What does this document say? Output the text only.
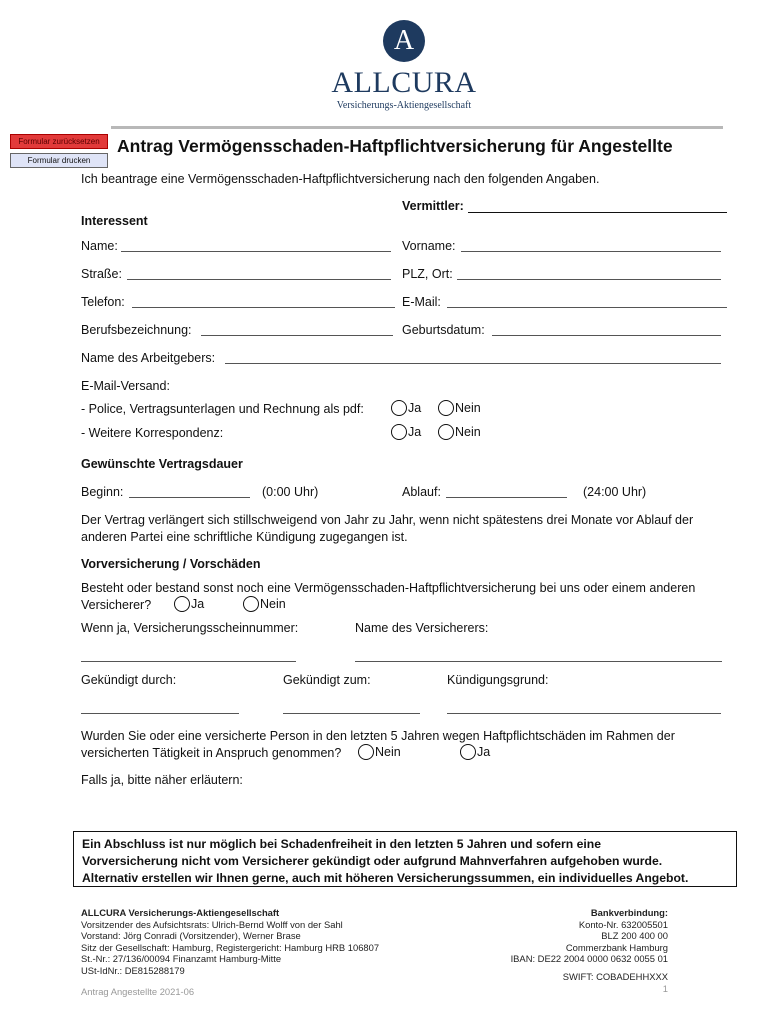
A
ALLCURA
Versicherungs-Aktiengesellschaft
Formular zurücksetzen
Formular drucken
Antrag Vermögensschaden-Haftpflichtversicherung für Angestellte
Ich beantrage eine Vermögensschaden-Haftpflichtversicherung nach den folgenden Angaben.
Vermittler:
Interessent
Name:	Vorname:
Straße:	PLZ, Ort:
Telefon:	E-Mail:
Berufsbezeichnung:	Geburtsdatum:
Name des Arbeitgebers:
E-Mail-Versand:
- Police, Vertragsunterlagen und Rechnung als pdf:	Ja	Nein
- Weitere Korrespondenz:	Ja	Nein
Gewünschte Vertragsdauer
Beginn:	(0:00 Uhr)	Ablauf:	(24:00 Uhr)
Der Vertrag verlängert sich stillschweigend von Jahr zu Jahr, wenn nicht spätestens drei Monate vor Ablauf der
anderen Partei eine schriftliche Kündigung zugegangen ist.
Vorversicherung / Vorschäden
Besteht oder bestand sonst noch eine Vermögensschaden-Haftpflichtversicherung bei uns oder einem anderen
Versicherer?	Ja	Nein
Wenn ja, Versicherungsscheinnummer:	Name des Versicherers:
Gekündigt durch:	Gekündigt zum:	Kündigungsgrund:
Wurden Sie oder eine versicherte Person in den letzten 5 Jahren wegen Haftpflichtschäden im Rahmen der
versicherten Tätigkeit in Anspruch genommen?	Nein	Ja
Falls ja, bitte näher erläutern:
Ein Abschluss ist nur möglich bei Schadenfreiheit in den letzten 5 Jahren und sofern eine
Vorversicherung nicht vom Versicherer gekündigt oder aufgrund Mahnverfahren aufgehoben wurde.
Alternativ erstellen wir Ihnen gerne, auch mit höheren Versicherungssummen, ein individuelles Angebot.
ALLCURA Versicherungs-Aktiengesellschaft
Vorsitzender des Aufsichtsrats: Ulrich-Bernd Wolff von der Sahl
Vorstand: Jörg Conradi (Vorsitzender), Werner Brase
Sitz der Gesellschaft: Hamburg, Registergericht: Hamburg HRB 106807
St.-Nr.: 27/136/00094 Finanzamt Hamburg-Mitte
USt-IdNr.: DE815288179
Bankverbindung:
Konto-Nr. 632005501
BLZ 200 400 00
Commerzbank Hamburg
IBAN: DE22 2004 0000 0632 0055 01
SWIFT: COBADEHHXXX
1
Antrag Angestellte 2021-06
